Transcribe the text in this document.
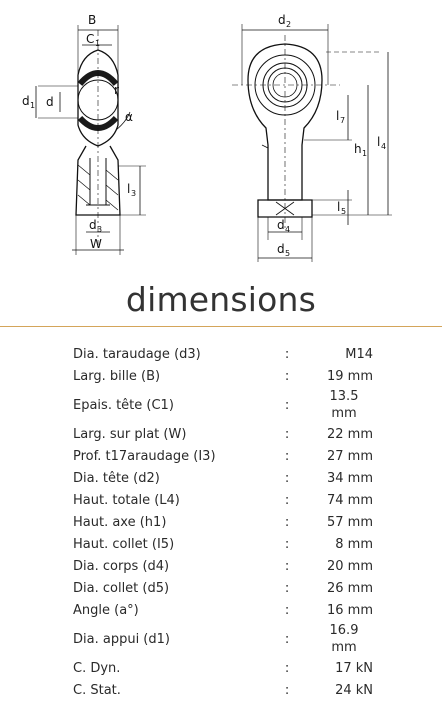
B
C 1
d 1 d
r
α
l 3
d 3
W
d 2
l 7
h 1
l 4
l 5
d 4
d 5
dimensions
Dia. taraudage (d3)	:	M14
Larg. bille (B)	:	19 mm
Epais. tête (C1)	:	13.5 mm
Larg. sur plat (W)	:	22 mm
Prof. t17araudage (I3)	:	27 mm
Dia. tête (d2)	:	34 mm
Haut. totale (L4)	:	74 mm
Haut. axe (h1)	:	57 mm
Haut. collet (I5)	:	8 mm
Dia. corps (d4)	:	20 mm
Dia. collet (d5)	:	26 mm
Angle (a°)	:	16 mm
Dia. appui (d1)	:	16.9 mm
C. Dyn.	:	17 kN
C. Stat.	:	24 kN
